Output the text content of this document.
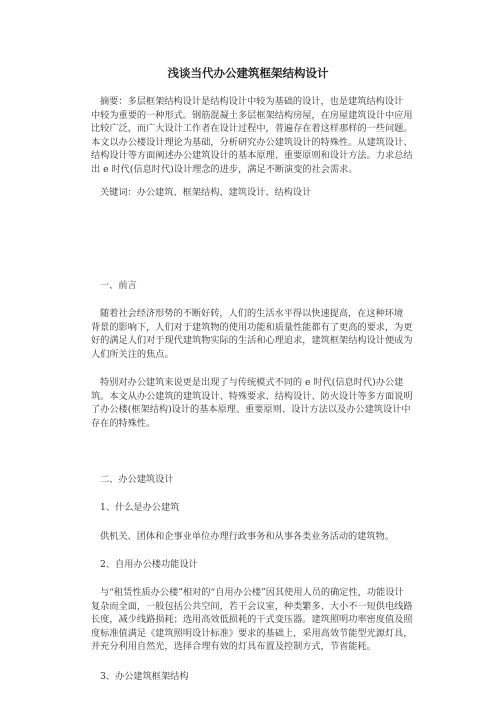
浅谈当代办公建筑框架结构设计
摘要：多层框架结构设计是结构设计中较为基础的设计，也是建筑结构设计
中较为重要的一种形式。钢筋混凝土多层框架结构房屋，在房屋建筑设计中应用
比较广泛，而广大设计工作者在设计过程中，普遍存在着这样那样的一些问题。
本文以办公楼设计理论为基础，分析研究办公建筑设计的特殊性。从建筑设计、
结构设计等方面阐述办公建筑设计的基本原理、重要原则和设计方法。力求总结
出 e 时代(信息时代)设计理念的进步，满足不断演变的社会需求。
关键词：办公建筑、框架结构、建筑设计、结构设计
一、前言
随着社会经济形势的不断好转，人们的生活水平得以快速提高，在这种环境
背景的影响下，人们对于建筑物的使用功能和质量性能都有了更高的要求，为更
好的满足人们对于现代建筑物实际的生活和心理追求，建筑框架结构设计便成为
人们所关注的焦点。
特别对办公建筑来说更是出现了与传统模式不同的 e 时代(信息时代)办公建
筑。本文从办公建筑的建筑设计、特殊要求、结构设计、防火设计等多方面说明
了办公楼(框架结构)设计的基本原理、重要原则、设计方法以及办公建筑设计中
存在的特殊性。
二、办公建筑设计
1、什么是办公建筑
供机关、团体和企事业单位办理行政事务和从事各类业务活动的建筑物。
2、自用办公楼功能设计
与“租赁性质办公楼”相对的“自用办公楼”因其使用人员的确定性，功能设计
复杂而全面，一般包括公共空间，若干会议室，种类繁多、大小不一短供电线路
长度，减少线路损耗；选用高效低损耗的干式变压器。建筑照明功率密度值及照
度标准值满足《建筑照明设计标准》要求的基础上，采用高效节能型光源灯具，
并充分利用自然光，选择合理有效的灯具布置及控制方式，节省能耗。
3、办公建筑框架结构
